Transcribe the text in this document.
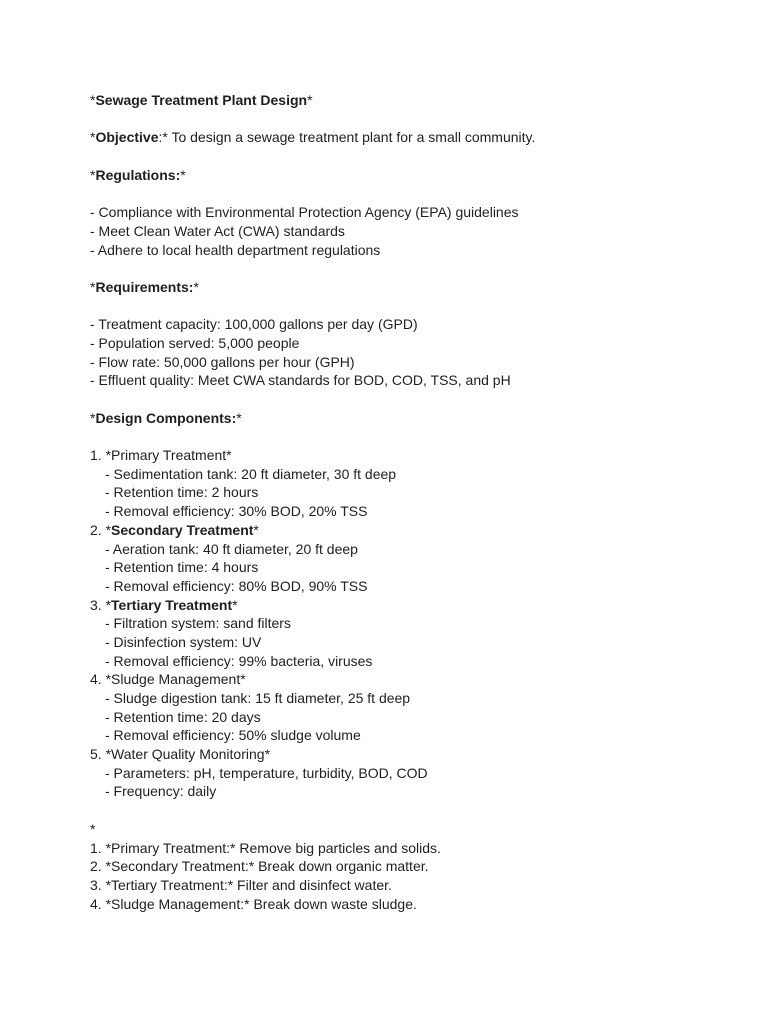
*Sewage Treatment Plant Design*
*Objective:* To design a sewage treatment plant for a small community.
*Regulations:*
- Compliance with Environmental Protection Agency (EPA) guidelines
- Meet Clean Water Act (CWA) standards
- Adhere to local health department regulations
*Requirements:*
- Treatment capacity: 100,000 gallons per day (GPD)
- Population served: 5,000 people
- Flow rate: 50,000 gallons per hour (GPH)
- Effluent quality: Meet CWA standards for BOD, COD, TSS, and pH
*Design Components:*
1. *Primary Treatment*
- Sedimentation tank: 20 ft diameter, 30 ft deep
- Retention time: 2 hours
- Removal efficiency: 30% BOD, 20% TSS
2. *Secondary Treatment*
- Aeration tank: 40 ft diameter, 20 ft deep
- Retention time: 4 hours
- Removal efficiency: 80% BOD, 90% TSS
3. *Tertiary Treatment*
- Filtration system: sand filters
- Disinfection system: UV
- Removal efficiency: 99% bacteria, viruses
4. *Sludge Management*
- Sludge digestion tank: 15 ft diameter, 25 ft deep
- Retention time: 20 days
- Removal efficiency: 50% sludge volume
5. *Water Quality Monitoring*
- Parameters: pH, temperature, turbidity, BOD, COD
- Frequency: daily
*
1. *Primary Treatment:* Remove big particles and solids.
2. *Secondary Treatment:* Break down organic matter.
3. *Tertiary Treatment:* Filter and disinfect water.
4. *Sludge Management:* Break down waste sludge.
